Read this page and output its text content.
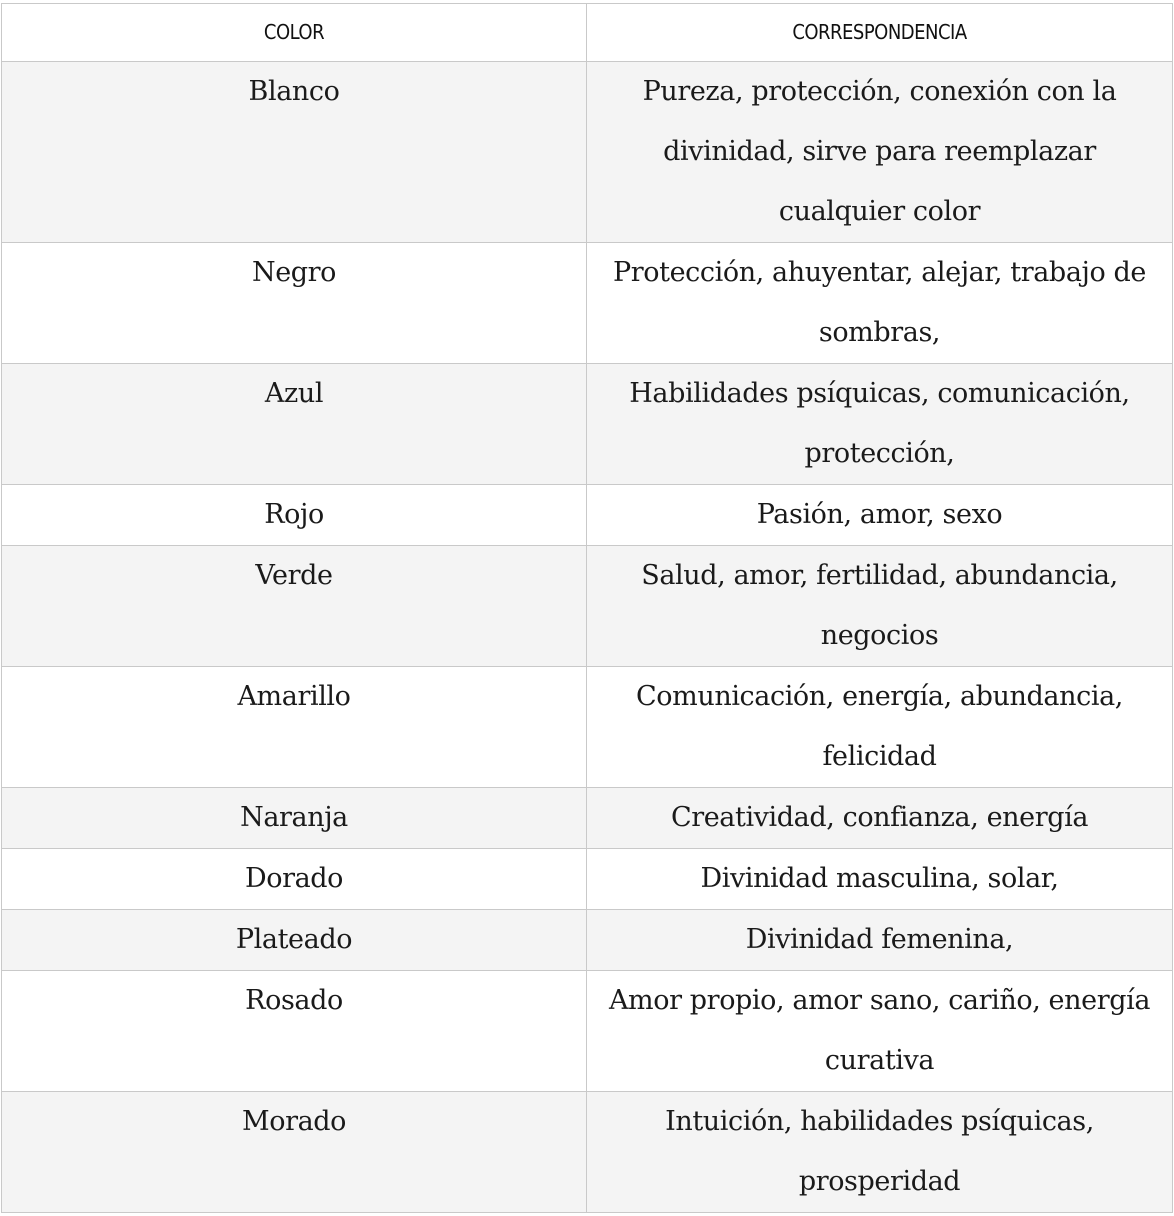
COLOR	CORRESPONDENCIA
Blanco	Pureza, protección, conexión con la divinidad, sirve para reemplazar cualquier color
Negro	Protección, ahuyentar, alejar, trabajo de sombras,
Azul	Habilidades psíquicas, comunicación, protección,
Rojo	Pasión, amor, sexo
Verde	Salud, amor, fertilidad, abundancia, negocios
Amarillo	Comunicación, energía, abundancia, felicidad
Naranja	Creatividad, confianza, energía
Dorado	Divinidad masculina, solar,
Plateado	Divinidad femenina,
Rosado	Amor propio, amor sano, cariño, energía curativa
Morado	Intuición, habilidades psíquicas, prosperidad
